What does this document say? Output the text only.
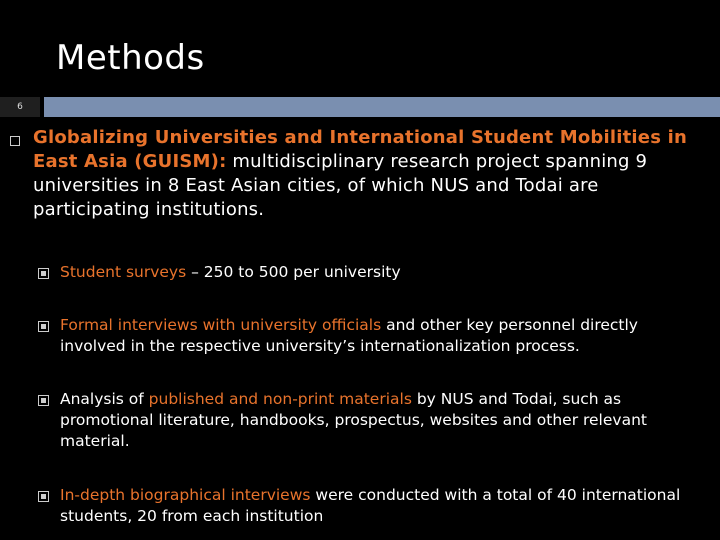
Methods
6
Globalizing Universities and International Student Mobilities in East Asia (GUISM): multidisciplinary research project spanning 9 universities in 8 East Asian cities, of which NUS and Todai are participating institutions.
Student surveys – 250 to 500 per university
Formal interviews with university officials and other key personnel directly involved in the respective university’s internationalization process.
Analysis of published and non-print materials by NUS and Todai, such as promotional literature, handbooks, prospectus, websites and other relevant material.
In-depth biographical interviews were conducted with a total of 40 international students, 20 from each institution
